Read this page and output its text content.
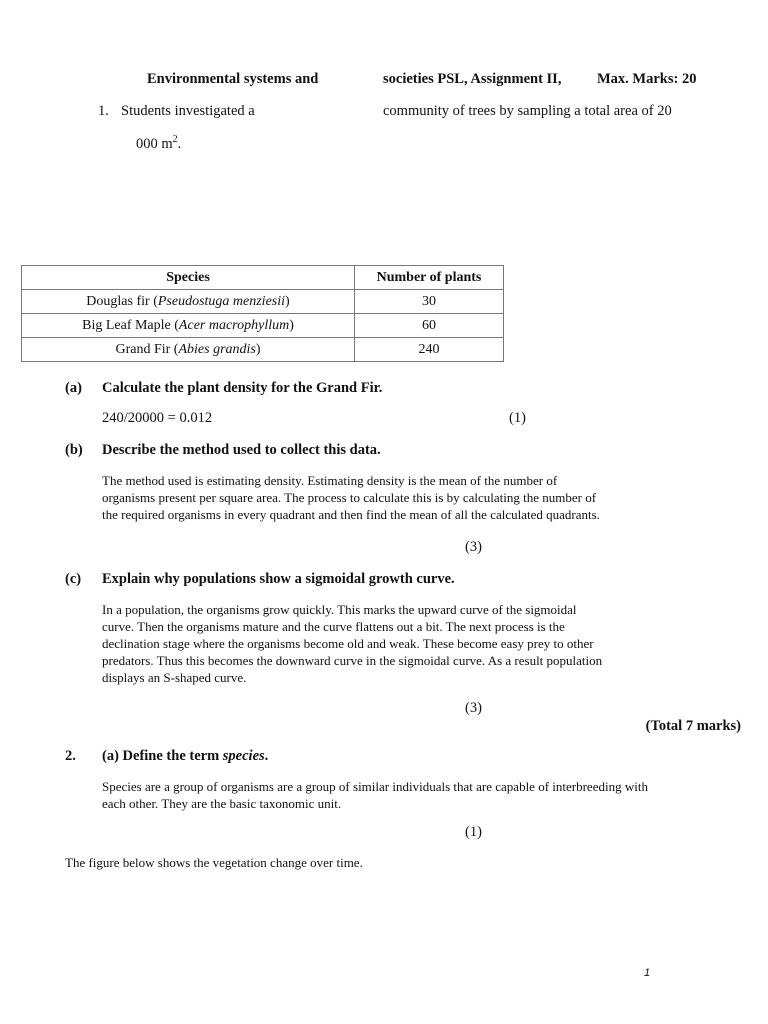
Environmental systems and	societies PSL, Assignment II, Max. Marks: 20

1. Students investigated a	community of trees by sampling a total area of 20

000 $m^2$.

Species	Number of plants
Douglas fir (Pseudostuga menziesii)	30
Big Leaf Maple (Acer macrophyllum)	60
Grand Fir (Abies grandis)	240

(a) Calculate the plant density for the Grand Fir.

240/20000 = 0.012	(1)

(b) Describe the method used to collect this data.

The method used is estimating density. Estimating density is the mean of the number of
organisms present per square area. The process to calculate this is by calculating the number of
the required organisms in every quadrant and then find the mean of all the calculated quadrants.

(3)

(c) Explain why populations show a sigmoidal growth curve.

In a population, the organisms grow quickly. This marks the upward curve of the sigmoidal
curve. Then the organisms mature and the curve flattens out a bit. The next process is the
declination stage where the organisms become old and weak. These become easy prey to other
predators. Thus this becomes the downward curve in the sigmoidal curve. As a result population
displays an S-shaped curve.

(3)

(Total 7 marks)

2. (a) Define the term species.

Species are a group of organisms are a group of similar individuals that are capable of interbreeding with
each other. They are the basic taxonomic unit.

(1)

The figure below shows the vegetation change over time.

1
